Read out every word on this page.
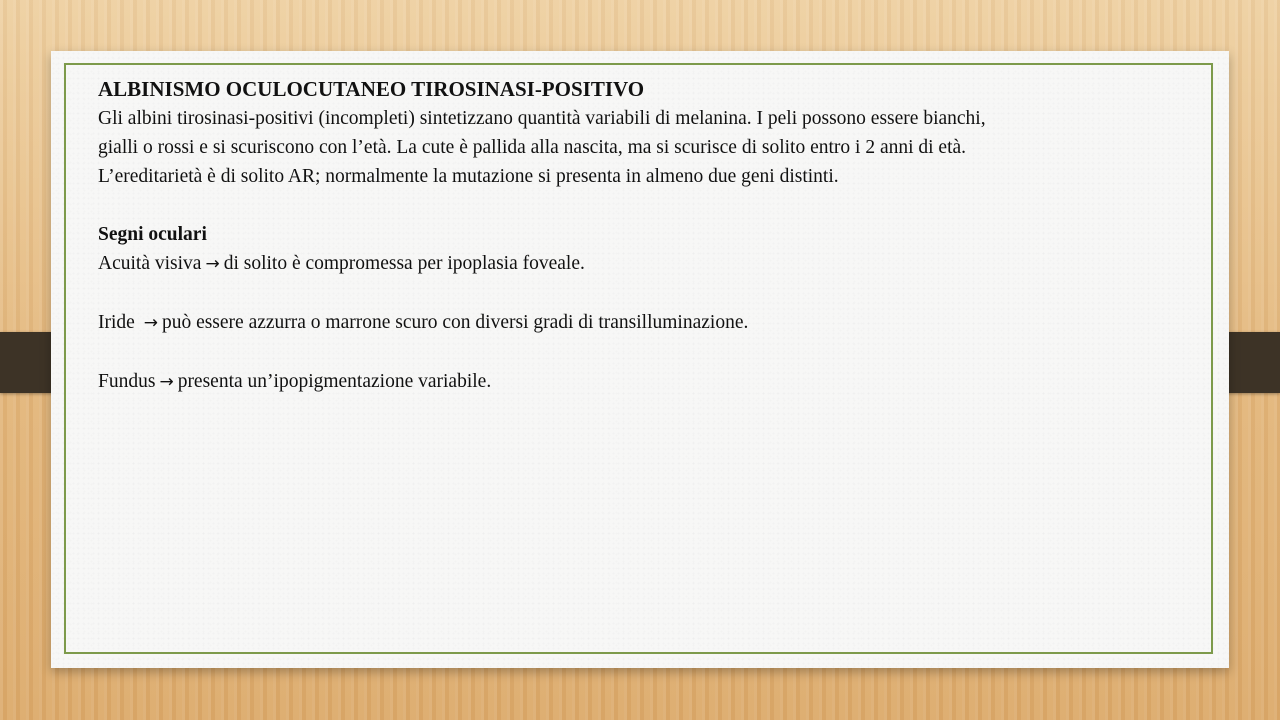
ALBINISMO OCULOCUTANEO TIROSINASI-POSITIVO

Gli albini tirosinasi-positivi (incompleti) sintetizzano quantità variabili di melanina. I peli possono essere bianchi,

gialli o rossi e si scuriscono con l’età. La cute è pallida alla nascita, ma si scurisce di solito entro i 2 anni di età.

L’ereditarietà è di solito AR; normalmente la mutazione si presenta in almeno due geni distinti.

Segni oculari

Acuità visiva → di solito è compromessa per ipoplasia foveale.

Iride → può essere azzurra o marrone scuro con diversi gradi di transilluminazione.

Fundus → presenta un’ipopigmentazione variabile.
